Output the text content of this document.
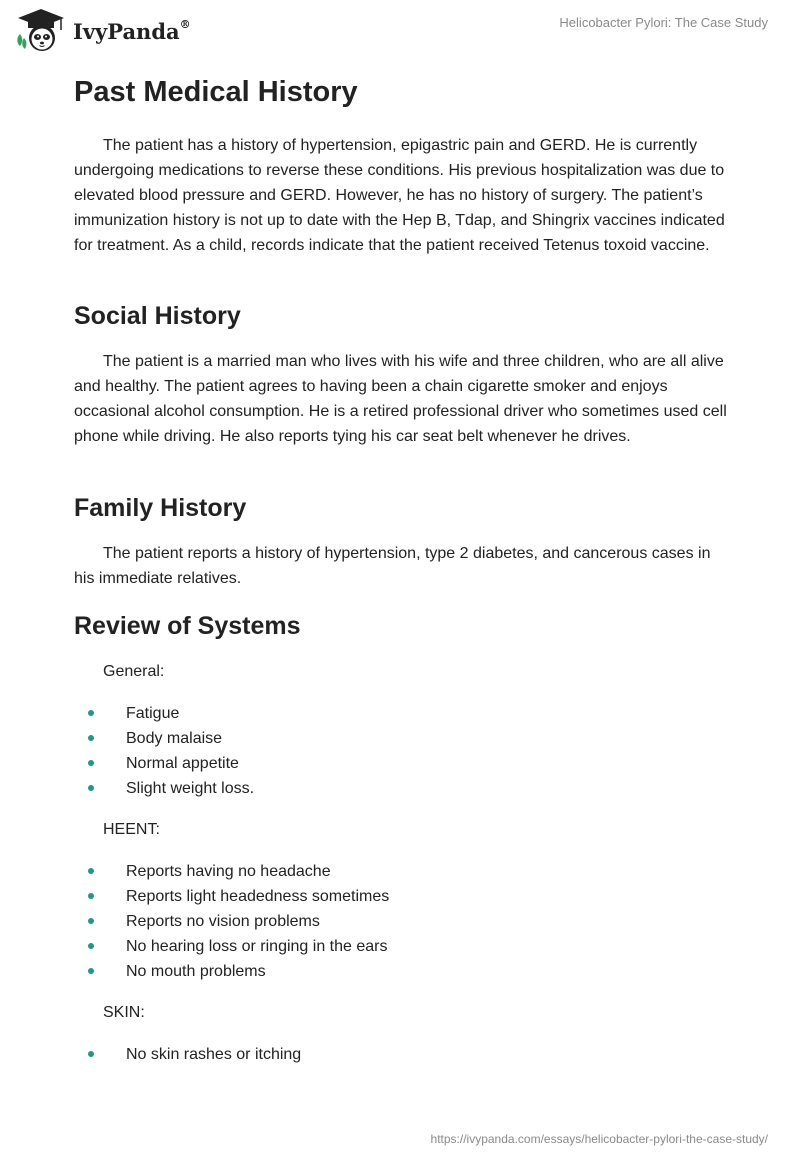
IvyPanda®	Helicobacter Pylori: The Case Study
Past Medical History

The patient has a history of hypertension, epigastric pain and GERD. He is currently undergoing medications to reverse these conditions. His previous hospitalization was due to elevated blood pressure and GERD. However, he has no history of surgery. The patient’s immunization history is not up to date with the Hep B, Tdap, and Shingrix vaccines indicated for treatment. As a child, records indicate that the patient received Tetenus toxoid vaccine.

Social History

The patient is a married man who lives with his wife and three children, who are all alive and healthy. The patient agrees to having been a chain cigarette smoker and enjoys occasional alcohol consumption. He is a retired professional driver who sometimes used cell phone while driving. He also reports tying his car seat belt whenever he drives.

Family History

The patient reports a history of hypertension, type 2 diabetes, and cancerous cases in his immediate relatives.

Review of Systems
General:
Fatigue
Body malaise
Normal appetite
Slight weight loss.
HEENT:
Reports having no headache
Reports light headedness sometimes
Reports no vision problems
No hearing loss or ringing in the ears
No mouth problems
SKIN:
No skin rashes or itching
https://ivypanda.com/essays/helicobacter-pylori-the-case-study/
